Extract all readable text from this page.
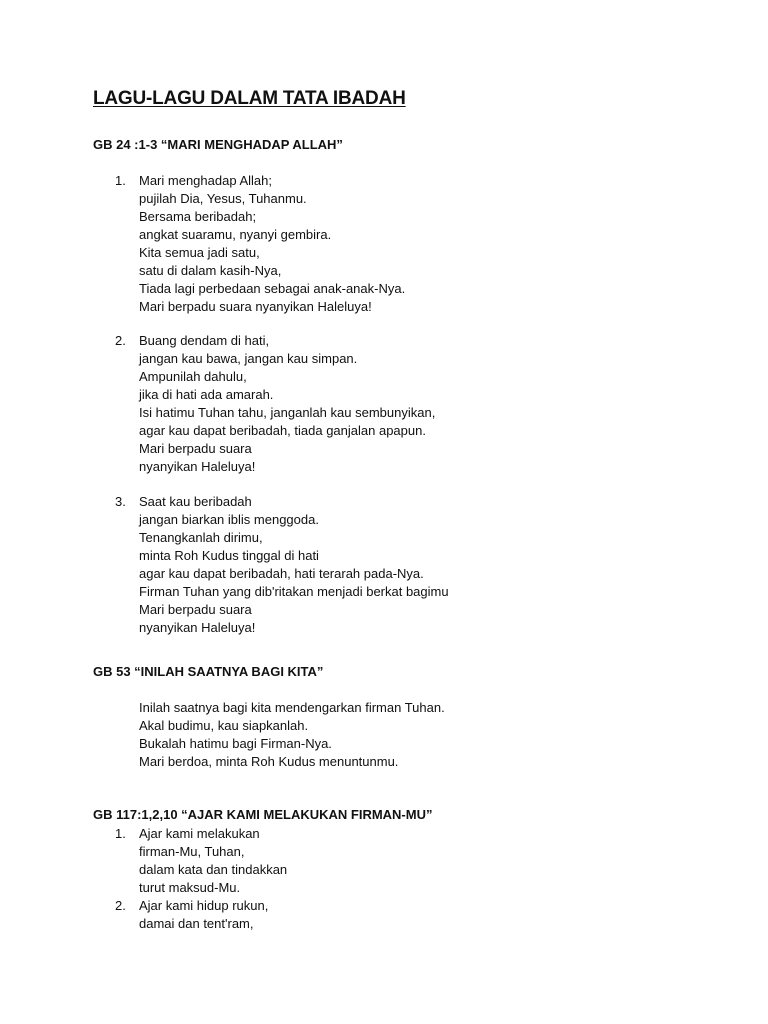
LAGU-LAGU DALAM TATA IBADAH
GB 24 :1-3 “MARI MENGHADAP ALLAH”
1. Mari menghadap Allah;
pujilah Dia, Yesus, Tuhanmu.
Bersama beribadah;
angkat suaramu, nyanyi gembira.
Kita semua jadi satu,
satu di dalam kasih-Nya,
Tiada lagi perbedaan sebagai anak-anak-Nya.
Mari berpadu suara nyanyikan Haleluya!
2. Buang dendam di hati,
jangan kau bawa, jangan kau simpan.
Ampunilah dahulu,
jika di hati ada amarah.
Isi hatimu Tuhan tahu, janganlah kau sembunyikan,
agar kau dapat beribadah, tiada ganjalan apapun.
Mari berpadu suara
nyanyikan Haleluya!
3. Saat kau beribadah
jangan biarkan iblis menggoda.
Tenangkanlah dirimu,
minta Roh Kudus tinggal di hati
agar kau dapat beribadah, hati terarah pada-Nya.
Firman Tuhan yang dib'ritakan menjadi berkat bagimu
Mari berpadu suara
nyanyikan Haleluya!
GB 53 “INILAH SAATNYA BAGI KITA”
Inilah saatnya bagi kita mendengarkan firman Tuhan.
Akal budimu, kau siapkanlah.
Bukalah hatimu bagi Firman-Nya.
Mari berdoa, minta Roh Kudus menuntunmu.
GB 117:1,2,10 “AJAR KAMI MELAKUKAN FIRMAN-MU”
1. Ajar kami melakukan
firman-Mu, Tuhan,
dalam kata dan tindakkan
turut maksud-Mu.
2. Ajar kami hidup rukun,
damai dan tent'ram,
